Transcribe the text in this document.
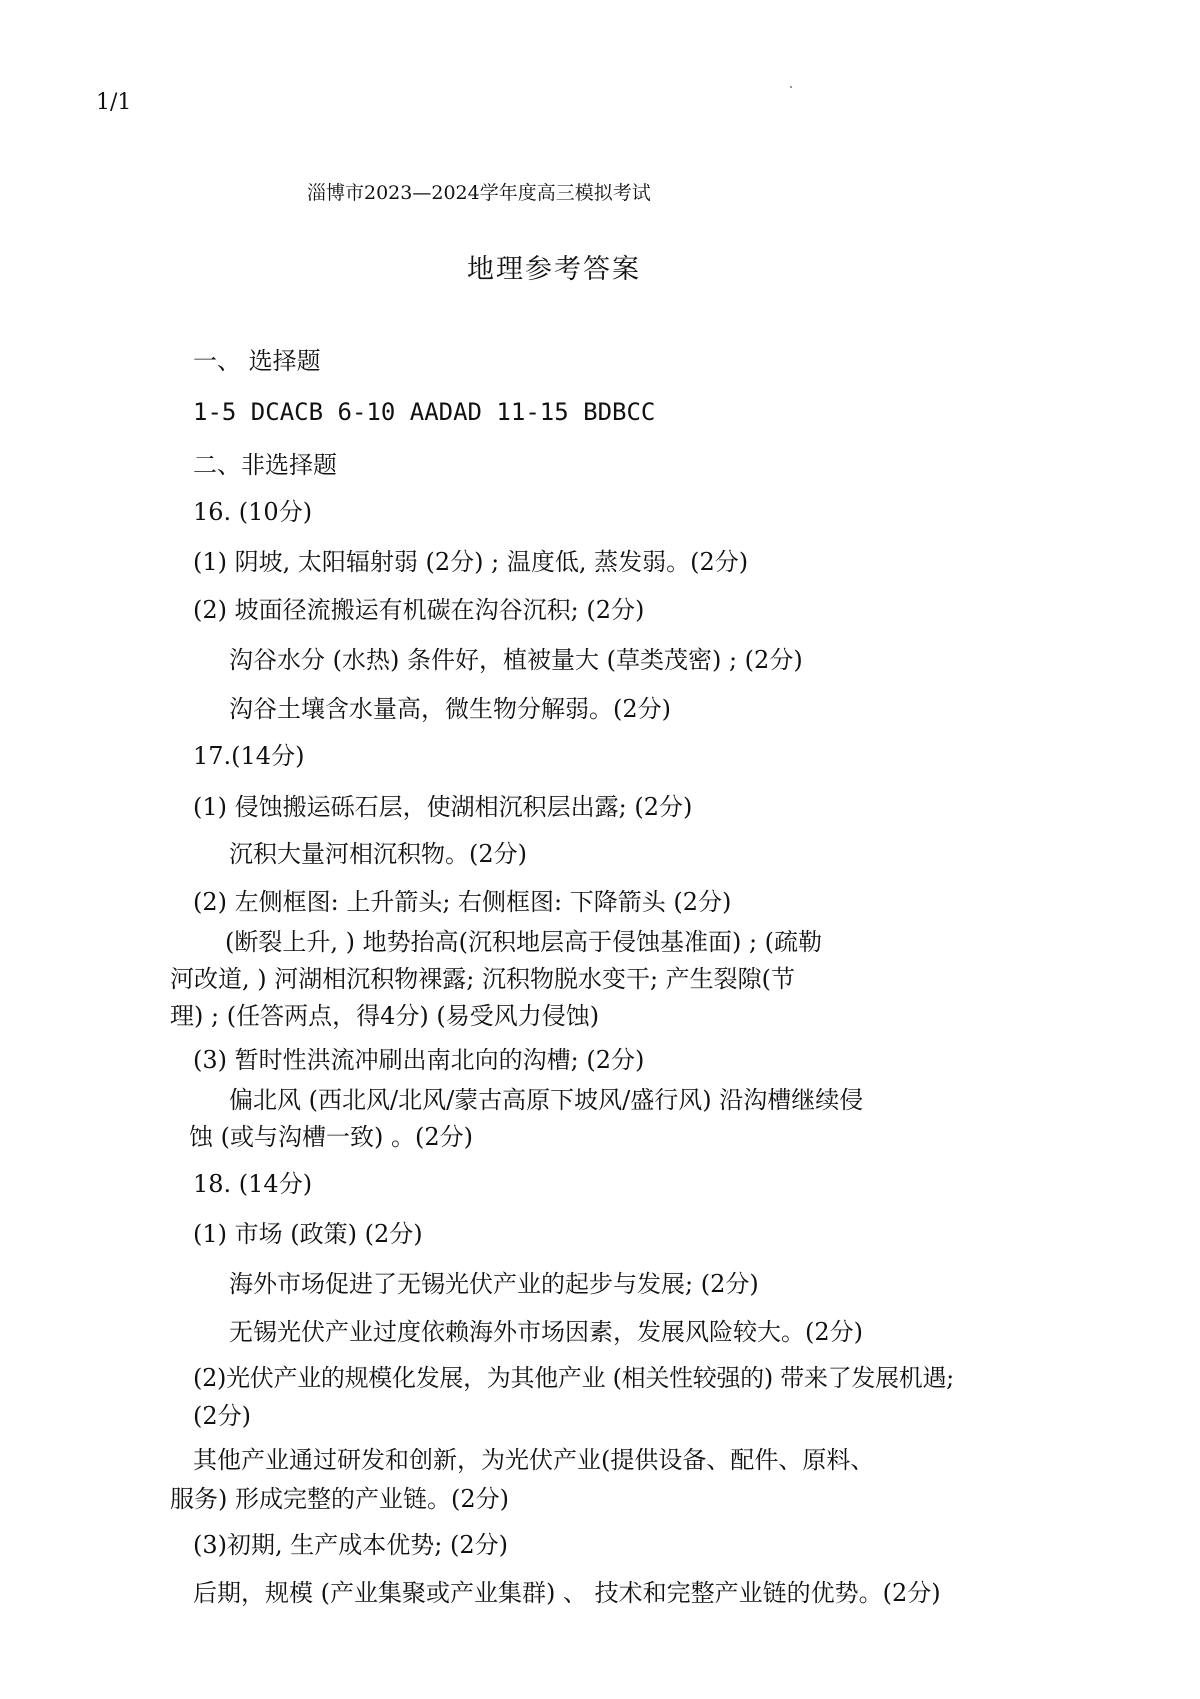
1/1
淄博市2023—2024学年度高三模拟考试
地理参考答案
一、 选择题
1-5 DCACB 6-10 AADAD 11-15 BDBCC
二、非选择题
16. (10分)
(1) 阴坡, 太阳辐射弱 (2分) ; 温度低, 蒸发弱。(2分)
(2) 坡面径流搬运有机碳在沟谷沉积; (2分)
沟谷水分 (水热) 条件好，植被量大 (草类茂密) ; (2分)
沟谷土壤含水量高，微生物分解弱。(2分)
17.(14分)
(1) 侵蚀搬运砾石层，使湖相沉积层出露; (2分)
沉积大量河相沉积物。(2分)
(2) 左侧框图: 上升箭头; 右侧框图: 下降箭头 (2分)
(断裂上升, ) 地势抬高(沉积地层高于侵蚀基准面) ; (疏勒
河改道, ) 河湖相沉积物裸露; 沉积物脱水变干; 产生裂隙(节
理) ; (任答两点，得4分) (易受风力侵蚀)
(3) 暂时性洪流冲刷出南北向的沟槽; (2分)
偏北风 (西北风/北风/蒙古高原下坡风/盛行风) 沿沟槽继续侵
蚀 (或与沟槽一致) 。(2分)
18. (14分)
(1) 市场 (政策) (2分)
海外市场促进了无锡光伏产业的起步与发展; (2分)
无锡光伏产业过度依赖海外市场因素，发展风险较大。(2分)
(2)光伏产业的规模化发展，为其他产业 (相关性较强的) 带来了发展机遇;
(2分)
其他产业通过研发和创新，为光伏产业(提供设备、配件、原料、
服务) 形成完整的产业链。(2分)
(3)初期, 生产成本优势; (2分)
后期，规模 (产业集聚或产业集群) 、 技术和完整产业链的优势。(2分)
